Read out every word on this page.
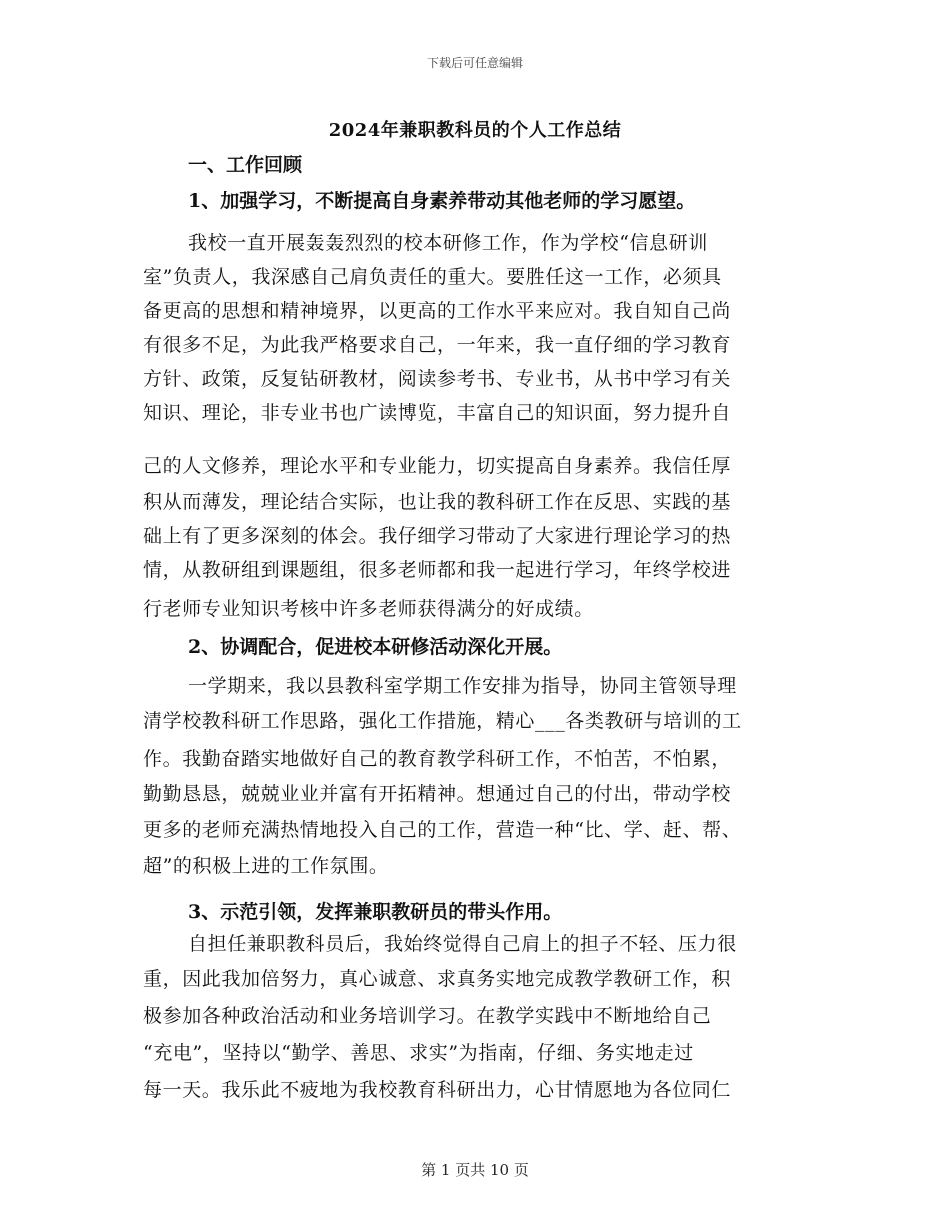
下载后可任意编辑
2024年兼职教科员的个人工作总结
一、工作回顾
1、加强学习，不断提高自身素养带动其他老师的学习愿望。
我校一直开展轰轰烈烈的校本研修工作，作为学校“信息研训
室”负责人，我深感自己肩负责任的重大。要胜任这一工作，必须具
备更高的思想和精神境界，以更高的工作水平来应对。我自知自己尚
有很多不足，为此我严格要求自己，一年来，我一直仔细的学习教育
方针、政策，反复钻研教材，阅读参考书、专业书，从书中学习有关
知识、理论，非专业书也广读博览，丰富自己的知识面，努力提升自
己的人文修养，理论水平和专业能力，切实提高自身素养。我信任厚
积从而薄发，理论结合实际，也让我的教科研工作在反思、实践的基
础上有了更多深刻的体会。我仔细学习带动了大家进行理论学习的热
情，从教研组到课题组，很多老师都和我一起进行学习，年终学校进
行老师专业知识考核中许多老师获得满分的好成绩。
2、协调配合，促进校本研修活动深化开展。
一学期来，我以县教科室学期工作安排为指导，协同主管领导理
清学校教科研工作思路，强化工作措施，精心___各类教研与培训的工
作。我勤奋踏实地做好自己的教育教学科研工作，不怕苦，不怕累，
勤勤恳恳，兢兢业业并富有开拓精神。想通过自己的付出，带动学校
更多的老师充满热情地投入自己的工作，营造一种“比、学、赶、帮、
超”的积极上进的工作氛围。
3、示范引领，发挥兼职教研员的带头作用。
自担任兼职教科员后，我始终觉得自己肩上的担子不轻、压力很
重，因此我加倍努力，真心诚意、求真务实地完成教学教研工作，积
极参加各种政治活动和业务培训学习。在教学实践中不断地给自己
“充电”，坚持以“勤学、善思、求实”为指南，仔细、务实地走过
每一天。我乐此不疲地为我校教育科研出力，心甘情愿地为各位同仁
第 1 页共 10 页
